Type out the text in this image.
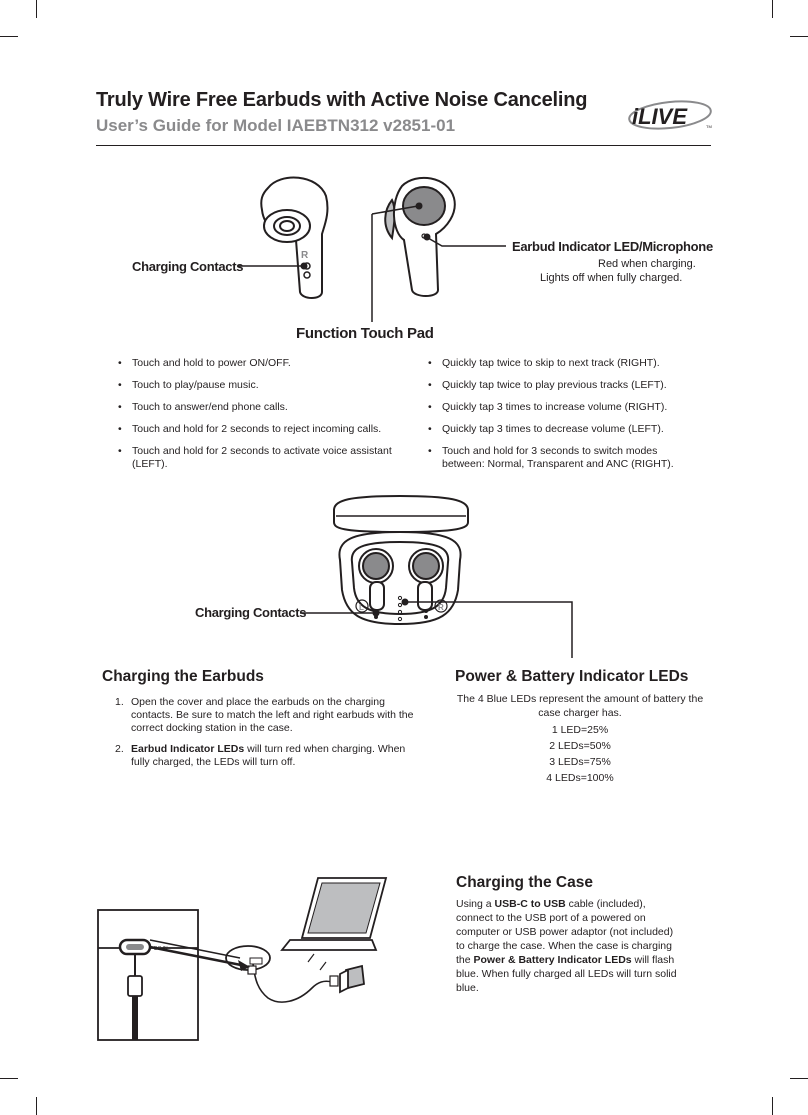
Truly Wire Free Earbuds with Active Noise Canceling
User’s Guide for Model IAEBTN312 v2851-01	iLIVE	TM
R
Charging Contacts
Earbud Indicator LED/Microphone
Red when charging.
Lights off when fully charged.
Function Touch Pad
• Touch and hold to power ON/OFF.
• Touch to play/pause music.
• Touch to answer/end phone calls.
• Touch and hold for 2 seconds to reject incoming calls.
• Touch and hold for 2 seconds to activate voice assistant (LEFT).
• Quickly tap twice to skip to next track (RIGHT).
• Quickly tap twice to play previous tracks (LEFT).
• Quickly tap 3 times to increase volume (RIGHT).
• Quickly tap 3 times to decrease volume (LEFT).
• Touch and hold for 3 seconds to switch modes between: Normal, Transparent and ANC (RIGHT).
L	R
Charging Contacts
Charging the Earbuds
1. Open the cover and place the earbuds on the charging contacts. Be sure to match the left and right earbuds with the correct docking station in the case.
2. Earbud Indicator LEDs will turn red when charging. When fully charged, the LEDs will turn off.
Power & Battery Indicator LEDs
The 4 Blue LEDs represent the amount of battery the case charger has.
1 LED=25%
2 LEDs=50%
3 LEDs=75%
4 LEDs=100%
DC IN
Charging the Case
Using a USB-C to USB cable (included), connect to the USB port of a powered on computer or USB power adaptor (not included) to charge the case. When the case is charging the Power & Battery Indicator LEDs will flash blue. When fully charged all LEDs will turn solid blue.
